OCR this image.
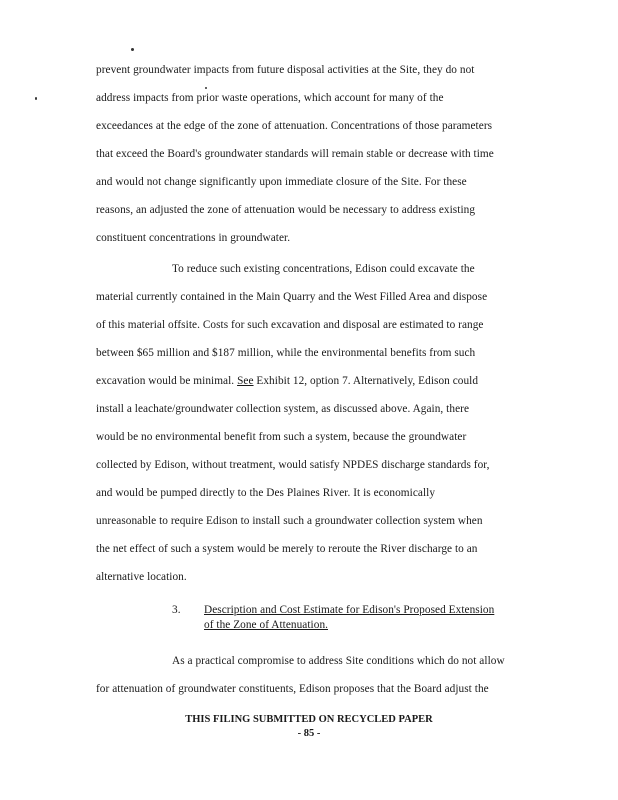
prevent groundwater impacts from future disposal activities at the Site, they do not
address impacts from prior waste operations, which account for many of the
exceedances at the edge of the zone of attenuation. Concentrations of those parameters
that exceed the Board's groundwater standards will remain stable or decrease with time
and would not change significantly upon immediate closure of the Site. For these
reasons, an adjusted the zone of attenuation would be necessary to address existing
constituent concentrations in groundwater.
To reduce such existing concentrations, Edison could excavate the
material currently contained in the Main Quarry and the West Filled Area and dispose
of this material offsite. Costs for such excavation and disposal are estimated to range
between $65 million and $187 million, while the environmental benefits from such
excavation would be minimal. See Exhibit 12, option 7. Alternatively, Edison could
install a leachate/groundwater collection system, as discussed above. Again, there
would be no environmental benefit from such a system, because the groundwater
collected by Edison, without treatment, would satisfy NPDES discharge standards for,
and would be pumped directly to the Des Plaines River. It is economically
unreasonable to require Edison to install such a groundwater collection system when
the net effect of such a system would be merely to reroute the River discharge to an
alternative location.
3. Description and Cost Estimate for Edison's Proposed Extension
of the Zone of Attenuation.
As a practical compromise to address Site conditions which do not allow
for attenuation of groundwater constituents, Edison proposes that the Board adjust the
THIS FILING SUBMITTED ON RECYCLED PAPER
- 85 -
